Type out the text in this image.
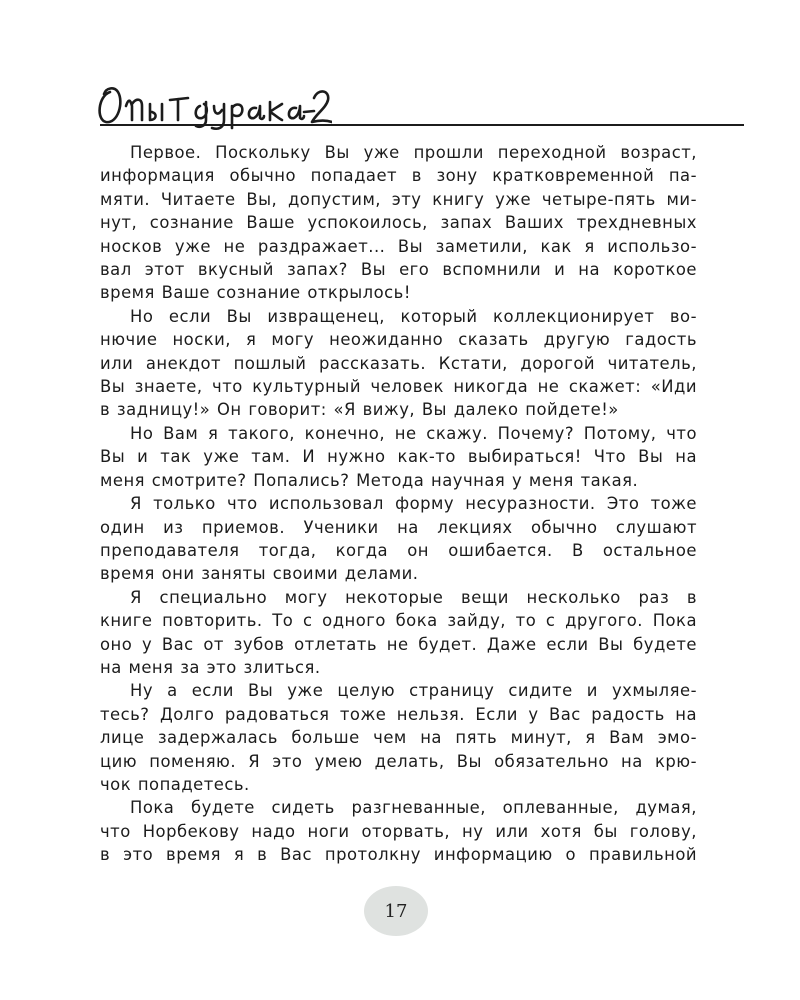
Первое. Поскольку Вы уже прошли переходной возраст,
информация обычно попадает в зону кратковременной па-
мяти. Читаете Вы, допустим, эту книгу уже четыре-пять ми-
нут, сознание Ваше успокоилось, запах Ваших трехдневных
носков уже не раздражает... Вы заметили, как я использо-
вал этот вкусный запах? Вы его вспомнили и на короткое
время Ваше сознание открылось!

Но если Вы извращенец, который коллекционирует во-
нючие носки, я могу неожиданно сказать другую гадость
или анекдот пошлый рассказать. Кстати, дорогой читатель,
Вы знаете, что культурный человек никогда не скажет: «Иди
в задницу!» Он говорит: «Я вижу, Вы далеко пойдете!»

Но Вам я такого, конечно, не скажу. Почему? Потому, что
Вы и так уже там. И нужно как-то выбираться! Что Вы на
меня смотрите? Попались? Метода научная у меня такая.

Я только что использовал форму несуразности. Это тоже
один из приемов. Ученики на лекциях обычно слушают
преподавателя тогда, когда он ошибается. В остальное
время они заняты своими делами.

Я специально могу некоторые вещи несколько раз в
книге повторить. То с одного бока зайду, то с другого. Пока
оно у Вас от зубов отлетать не будет. Даже если Вы будете
на меня за это злиться.

Ну а если Вы уже целую страницу сидите и ухмыляе-
тесь? Долго радоваться тоже нельзя. Если у Вас радость на
лице задержалась больше чем на пять минут, я Вам эмо-
цию поменяю. Я это умею делать, Вы обязательно на крю-
чок попадетесь.

Пока будете сидеть разгневанные, оплеванные, думая,
что Норбекову надо ноги оторвать, ну или хотя бы голову,
в это время я в Вас протолкну информацию о правильной

17
